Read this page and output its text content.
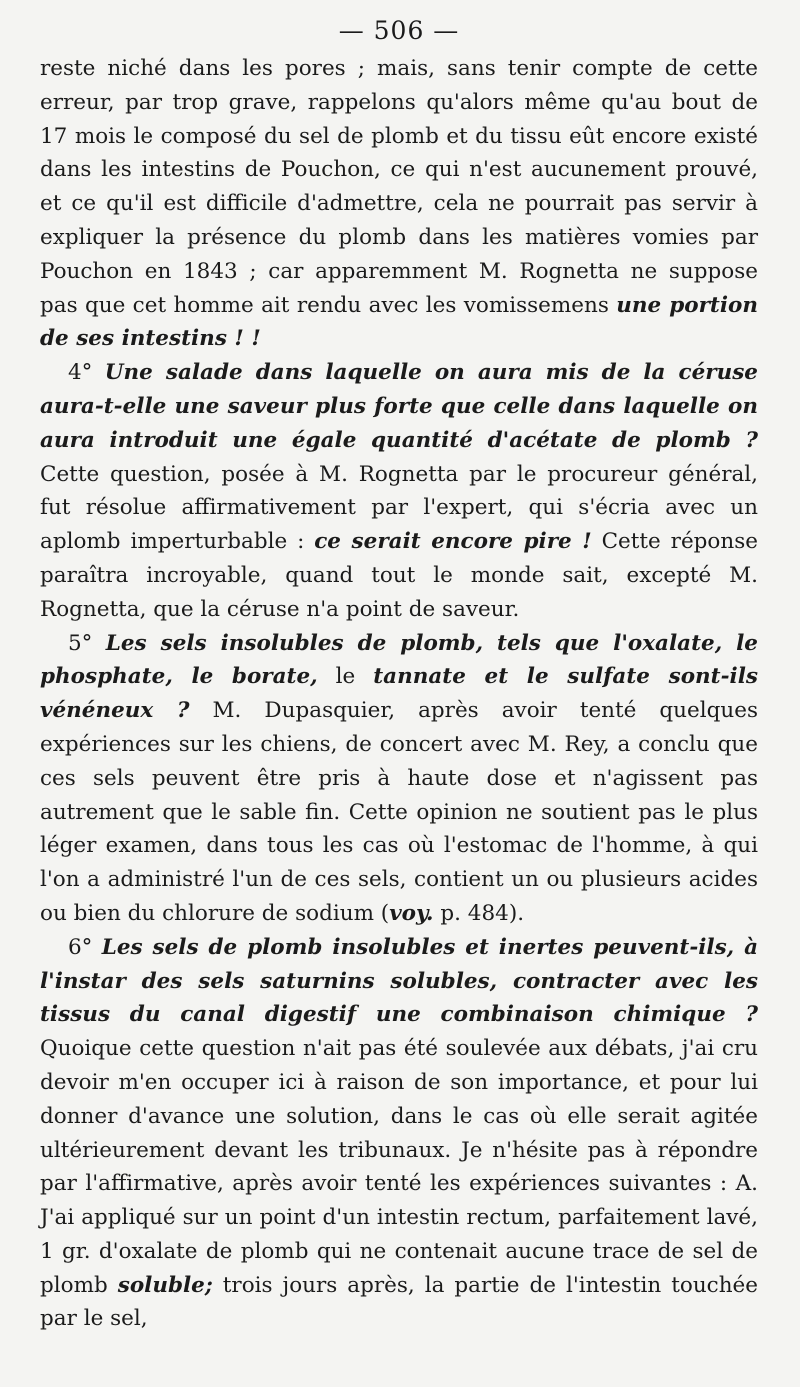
— 506 —

reste niché dans les pores ; mais, sans tenir compte de cette erreur, par trop grave, rappelons qu'alors même qu'au bout de 17 mois le composé du sel de plomb et du tissu eût encore existé dans les intestins de Pouchon, ce qui n'est aucunement prouvé, et ce qu'il est difficile d'admettre, cela ne pourrait pas servir à expliquer la présence du plomb dans les matières vomies par Pouchon en 1843 ; car apparemment M. Rognetta ne suppose pas que cet homme ait rendu avec les vomissemens une portion de ses intestins ! !

4° Une salade dans laquelle on aura mis de la céruse aura-t-elle une saveur plus forte que celle dans laquelle on aura introduit une égale quantité d'acétate de plomb ? Cette question, posée à M. Rognetta par le procureur général, fut résolue affirmativement par l'expert, qui s'écria avec un aplomb imperturbable : ce serait encore pire ! Cette réponse paraîtra incroyable, quand tout le monde sait, excepté M. Rognetta, que la céruse n'a point de saveur.

5° Les sels insolubles de plomb, tels que l'oxalate, le phosphate, le borate, le tannate et le sulfate sont-ils vénéneux ? M. Dupasquier, après avoir tenté quelques expériences sur les chiens, de concert avec M. Rey, a conclu que ces sels peuvent être pris à haute dose et n'agissent pas autrement que le sable fin. Cette opinion ne soutient pas le plus léger examen, dans tous les cas où l'estomac de l'homme, à qui l'on a administré l'un de ces sels, contient un ou plusieurs acides ou bien du chlorure de sodium (voy. p. 484).

6° Les sels de plomb insolubles et inertes peuvent-ils, à l'instar des sels saturnins solubles, contracter avec les tissus du canal digestif une combinaison chimique ? Quoique cette question n'ait pas été soulevée aux débats, j'ai cru devoir m'en occuper ici à raison de son importance, et pour lui donner d'avance une solution, dans le cas où elle serait agitée ultérieurement devant les tribunaux. Je n'hésite pas à répondre par l'affirmative, après avoir tenté les expériences suivantes : A. J'ai appliqué sur un point d'un intestin rectum, parfaitement lavé, 1 gr. d'oxalate de plomb qui ne contenait aucune trace de sel de plomb soluble; trois jours après, la partie de l'intestin touchée par le sel,
